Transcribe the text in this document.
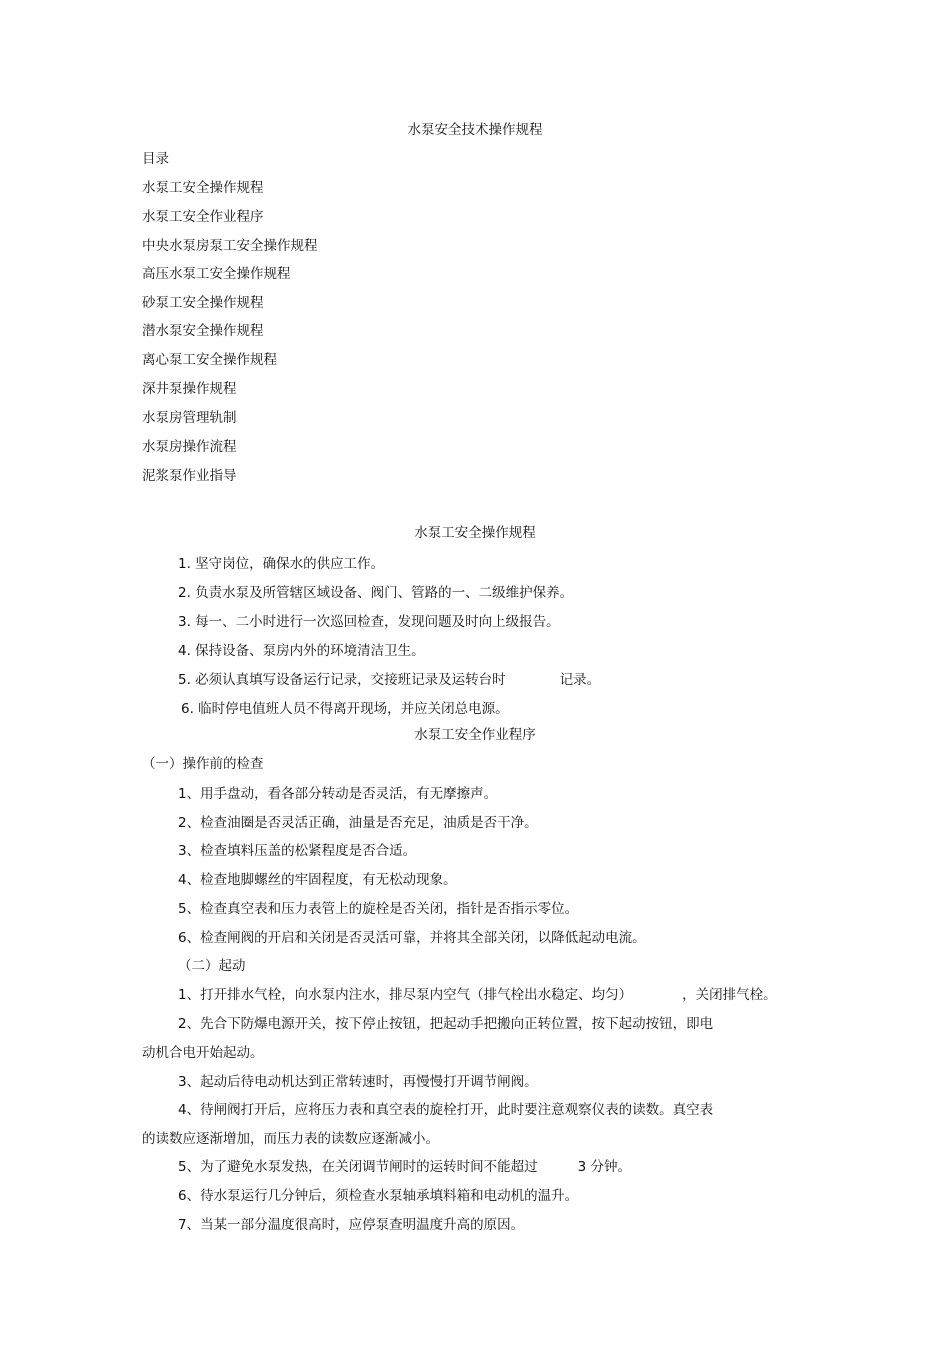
水泵安全技术操作规程
目录
水泵工安全操作规程
水泵工安全作业程序
中央水泵房泵工安全操作规程
高压水泵工安全操作规程
砂泵工安全操作规程
潜水泵安全操作规程
离心泵工安全操作规程
深井泵操作规程
水泵房管理轨制
水泵房操作流程
泥浆泵作业指导
水泵工安全操作规程
1. 坚守岗位，确保水的供应工作。
2. 负责水泵及所管辖区域设备、阀门、管路的一、二级维护保养。
3. 每一、二小时进行一次巡回检查，发现问题及时向上级报告。
4. 保持设备、泵房内外的环境清洁卫生。
5. 必须认真填写设备运行记录，交接班记录及运转台时	记录。
6. 临时停电值班人员不得离开现场，并应关闭总电源。
水泵工安全作业程序
（一）操作前的检查
1、用手盘动，看各部分转动是否灵活，有无摩擦声。
2、检查油圈是否灵活正确，油量是否充足，油质是否干净。
3、检查填料压盖的松紧程度是否合适。
4、检查地脚螺丝的牢固程度，有无松动现象。
5、检查真空表和压力表管上的旋栓是否关闭，指针是否指示零位。
6、检查闸阀的开启和关闭是否灵活可靠，并将其全部关闭，以降低起动电流。
（二）起动
1、打开排水气栓，向水泵内注水，排尽泵内空气（排气栓出水稳定、均匀）	，关闭排气栓。
2、先合下防爆电源开关，按下停止按钮，把起动手把搬向正转位置，按下起动按钮，即电
动机合电开始起动。
3、起动后待电动机达到正常转速时，再慢慢打开调节闸阀。
4、待闸阀打开后，应将压力表和真空表的旋栓打开，此时要注意观察仪表的读数。真空表
的读数应逐渐增加，而压力表的读数应逐渐减小。
5、为了避免水泵发热，在关闭调节闸时的运转时间不能超过	3 分钟。
6、待水泵运行几分钟后，须检查水泵轴承填料箱和电动机的温升。
7、当某一部分温度很高时，应停泵查明温度升高的原因。
